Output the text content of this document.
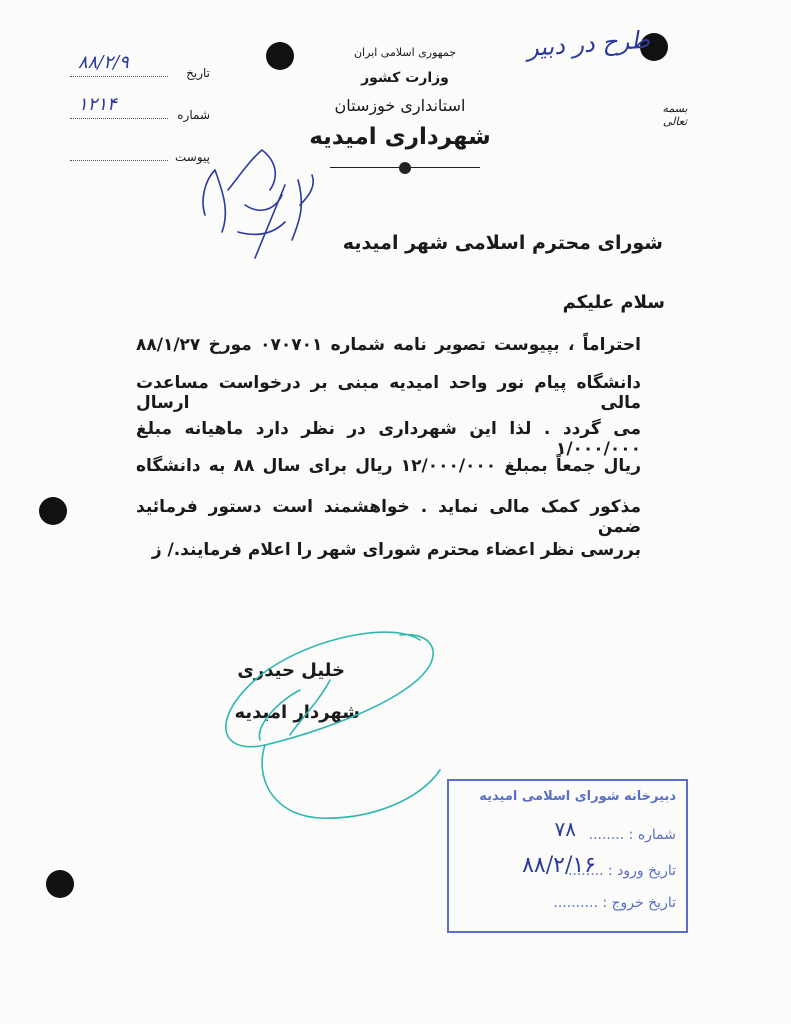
جمهوری اسلامی ایران
وزارت کشور
استانداری خوزستان
شهرداری امیدیه
بسمه تعالی
تاریخ
۸۸/۲/۹
شماره
۱۲۱۴
پیوست
طرح در دبیر
شورای محترم اسلامی شهر امیدیه
سلام علیکم
احتراماً ، بپیوست تصویر نامه شماره ۰۷۰۷۰۱ مورخ ۸۸/۱/۲۷
دانشگاه پیام نور واحد امیدیه مبنی بر درخواست مساعدت مالی ارسال
می گردد . لذا این شهرداری در نظر دارد ماهیانه مبلغ ۱/۰۰۰/۰۰۰
ریال جمعاً بمبلغ ۱۲/۰۰۰/۰۰۰ ریال برای سال ۸۸ به دانشگاه
مذکور کمک مالی نماید . خواهشمند است دستور فرمائید ضمن
بررسی نظر اعضاء محترم شورای شهر را اعلام فرمایند./ ز
خلیل حیدری
شهردار امیدیه
دبیرخانه شورای اسلامی امیدیه
شماره : ........
۷۸
تاریخ ورود : ........
۸۸/۲/۱۶
تاریخ خروج : ..........
